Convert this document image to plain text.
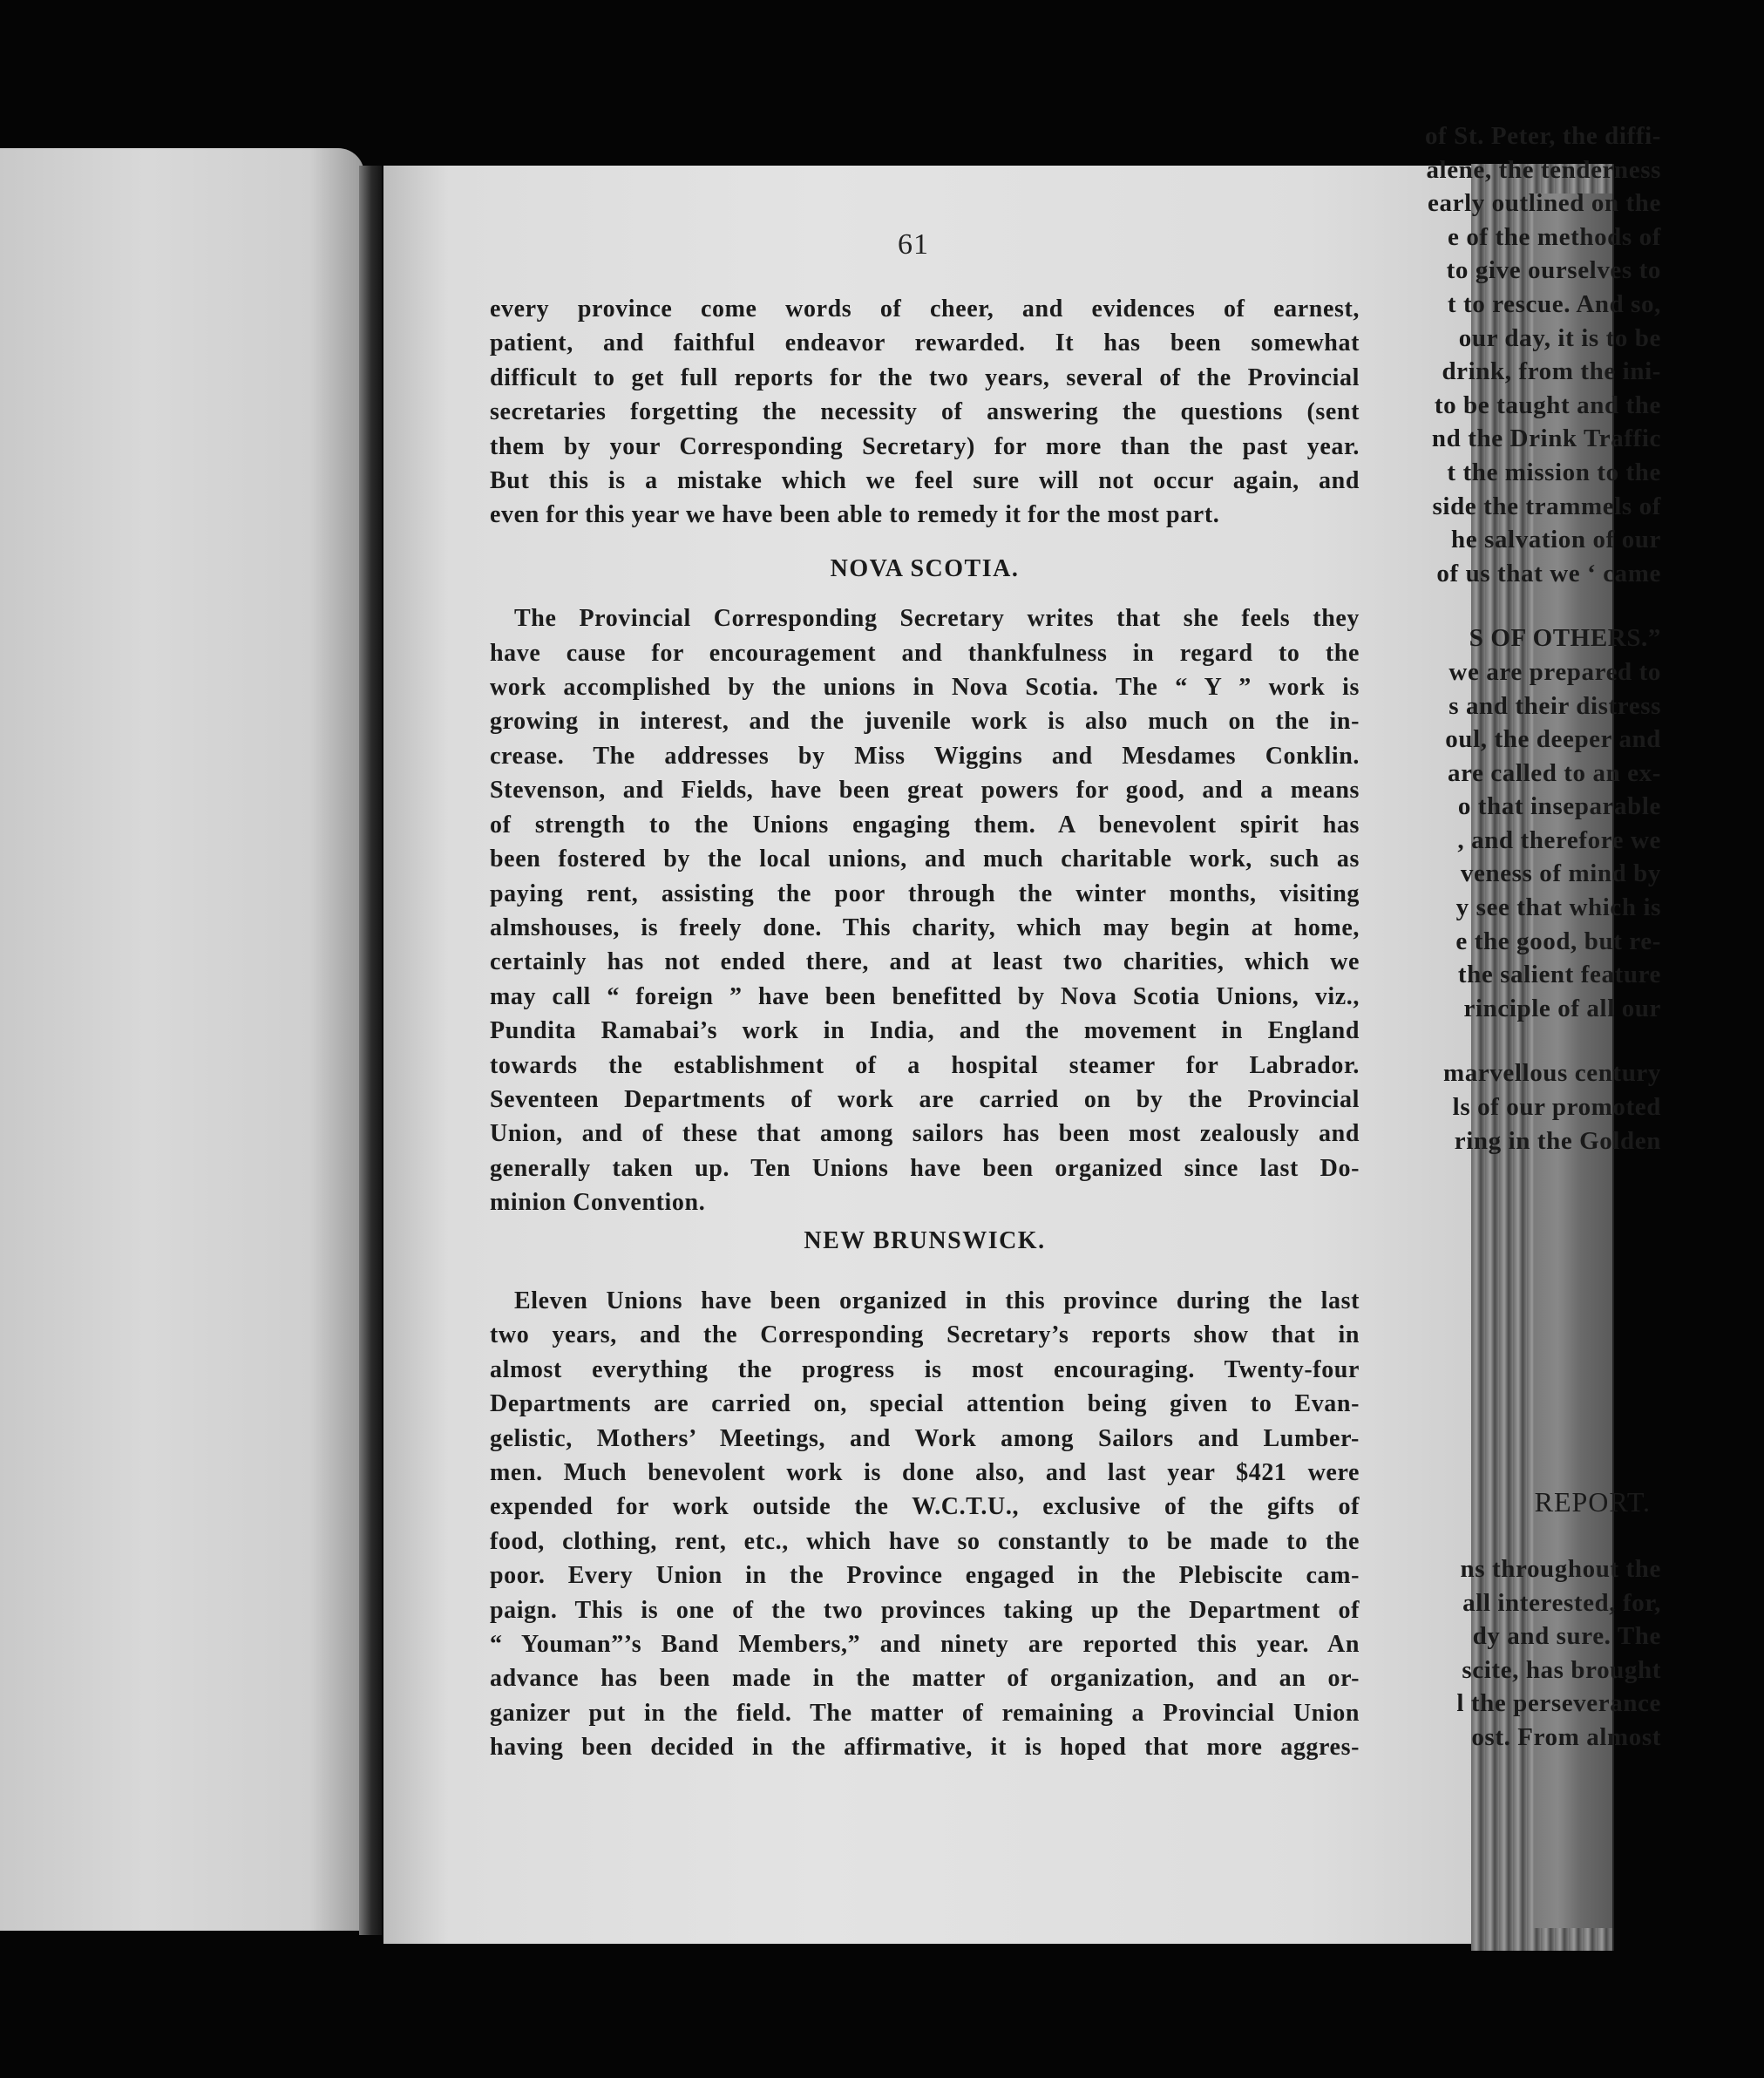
of St. Peter, the diffi-
alene, the tenderness
early outlined on the
e of the methods of
to give ourselves to
t to rescue. And so,
our day, it is to be
drink, from the ini-
to be taught and the
nd the Drink Traffic
t the mission to the
side the trammels of
he salvation of our
of us that we ‘ came
S OF OTHERS.”
we are prepared to
s and their distress
oul, the deeper and
are called to an ex-
o that inseparable
, and therefore we
veness of mind by
y see that which is
e the good, but re-
the salient feature
rinciple of all our
marvellous century
ls of our promoted
ring in the Golden
REPORT.
ns throughout the
all interested, for,
dy and sure. The
scite, has brought
l the perseverance
ost. From almost
61
every province come words of cheer, and evidences of earnest,
patient, and faithful endeavor rewarded. It has been somewhat
difficult to get full reports for the two years, several of the Provincial
secretaries forgetting the necessity of answering the questions (sent
them by your Corresponding Secretary) for more than the past year.
But this is a mistake which we feel sure will not occur again, and
even for this year we have been able to remedy it for the most part.
NOVA SCOTIA.
The Provincial Corresponding Secretary writes that she feels they
have cause for encouragement and thankfulness in regard to the
work accomplished by the unions in Nova Scotia. The “ Y ” work is
growing in interest, and the juvenile work is also much on the in-
crease. The addresses by Miss Wiggins and Mesdames Conklin.
Stevenson, and Fields, have been great powers for good, and a means
of strength to the Unions engaging them. A benevolent spirit has
been fostered by the local unions, and much charitable work, such as
paying rent, assisting the poor through the winter months, visiting
almshouses, is freely done. This charity, which may begin at home,
certainly has not ended there, and at least two charities, which we
may call “ foreign ” have been benefitted by Nova Scotia Unions, viz.,
Pundita Ramabai’s work in India, and the movement in England
towards the establishment of a hospital steamer for Labrador.
Seventeen Departments of work are carried on by the Provincial
Union, and of these that among sailors has been most zealously and
generally taken up. Ten Unions have been organized since last Do-
minion Convention.
NEW BRUNSWICK.
Eleven Unions have been organized in this province during the last
two years, and the Corresponding Secretary’s reports show that in
almost everything the progress is most encouraging. Twenty-four
Departments are carried on, special attention being given to Evan-
gelistic, Mothers’ Meetings, and Work among Sailors and Lumber-
men. Much benevolent work is done also, and last year $421 were
expended for work outside the W.C.T.U., exclusive of the gifts of
food, clothing, rent, etc., which have so constantly to be made to the
poor. Every Union in the Province engaged in the Plebiscite cam-
paign. This is one of the two provinces taking up the Department of
“ Youman”’s Band Members,” and ninety are reported this year. An
advance has been made in the matter of organization, and an or-
ganizer put in the field. The matter of remaining a Provincial Union
having been decided in the affirmative, it is hoped that more aggres-
